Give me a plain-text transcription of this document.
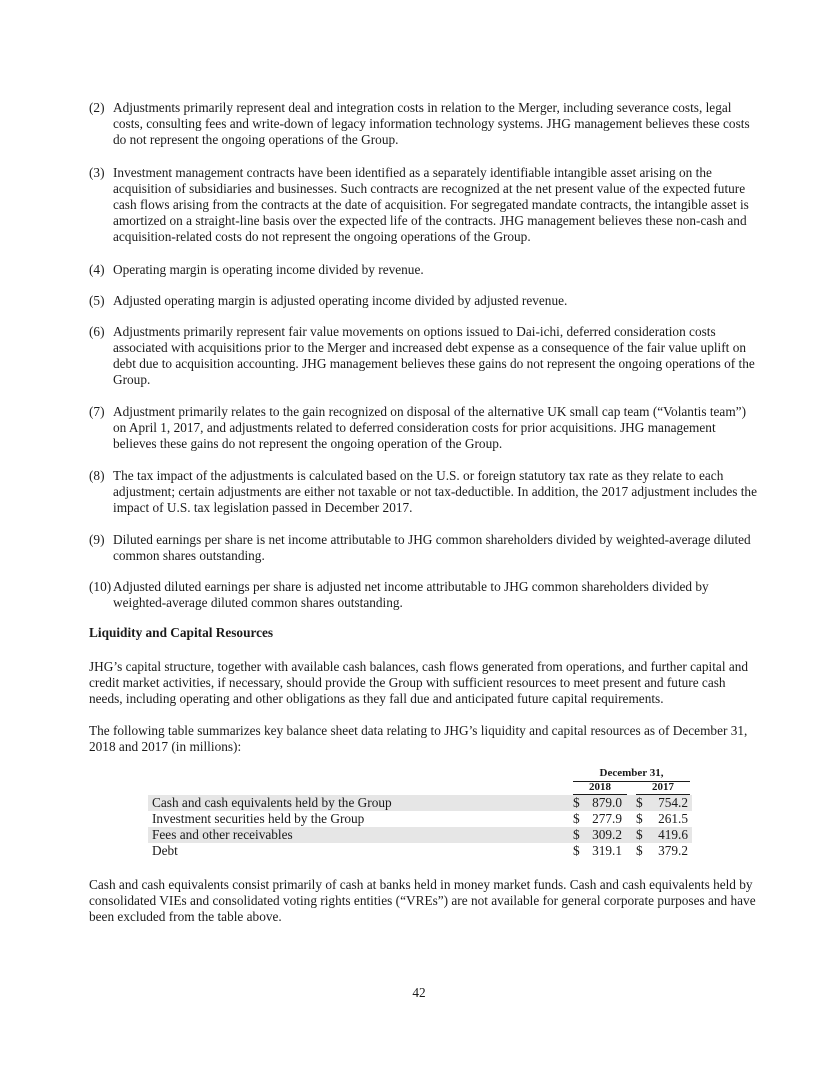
(2) Adjustments primarily represent deal and integration costs in relation to the Merger, including severance costs, legal costs, consulting fees and write-down of legacy information technology systems. JHG management believes these costs do not represent the ongoing operations of the Group.
(3) Investment management contracts have been identified as a separately identifiable intangible asset arising on the acquisition of subsidiaries and businesses. Such contracts are recognized at the net present value of the expected future cash flows arising from the contracts at the date of acquisition. For segregated mandate contracts, the intangible asset is amortized on a straight-line basis over the expected life of the contracts. JHG management believes these non-cash and acquisition-related costs do not represent the ongoing operations of the Group.
(4) Operating margin is operating income divided by revenue.
(5) Adjusted operating margin is adjusted operating income divided by adjusted revenue.
(6) Adjustments primarily represent fair value movements on options issued to Dai-ichi, deferred consideration costs associated with acquisitions prior to the Merger and increased debt expense as a consequence of the fair value uplift on debt due to acquisition accounting. JHG management believes these gains do not represent the ongoing operations of the Group.
(7) Adjustment primarily relates to the gain recognized on disposal of the alternative UK small cap team (“Volantis team”) on April 1, 2017, and adjustments related to deferred consideration costs for prior acquisitions. JHG management believes these gains do not represent the ongoing operation of the Group.
(8) The tax impact of the adjustments is calculated based on the U.S. or foreign statutory tax rate as they relate to each adjustment; certain adjustments are either not taxable or not tax-deductible. In addition, the 2017 adjustment includes the impact of U.S. tax legislation passed in December 2017.
(9) Diluted earnings per share is net income attributable to JHG common shareholders divided by weighted-average diluted common shares outstanding.
(10) Adjusted diluted earnings per share is adjusted net income attributable to JHG common shareholders divided by weighted-average diluted common shares outstanding.
Liquidity and Capital Resources
JHG’s capital structure, together with available cash balances, cash flows generated from operations, and further capital and credit market activities, if necessary, should provide the Group with sufficient resources to meet present and future cash needs, including operating and other obligations as they fall due and anticipated future capital requirements.
The following table summarizes key balance sheet data relating to JHG’s liquidity and capital resources as of December 31, 2018 and 2017 (in millions):
December 31,
2018	2017
Cash and cash equivalents held by the Group	$ 879.0 $	754.2
Investment securities held by the Group	$ 277.9 $	261.5
Fees and other receivables	$ 309.2 $	419.6
Debt	$ 319.1 $	379.2
Cash and cash equivalents consist primarily of cash at banks held in money market funds. Cash and cash equivalents held by consolidated VIEs and consolidated voting rights entities (“VREs”) are not available for general corporate purposes and have been excluded from the table above.
42
